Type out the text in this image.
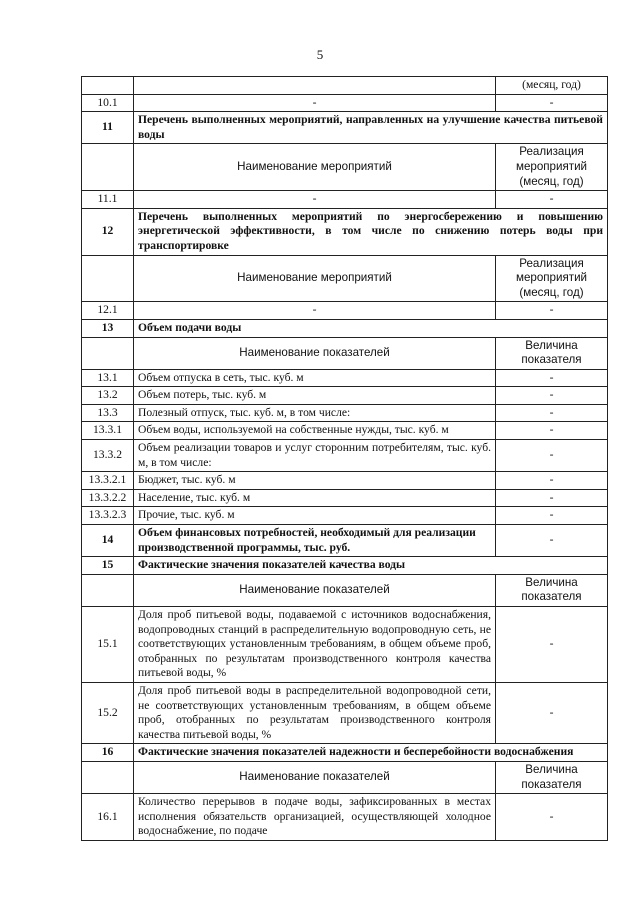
5
		(месяц, год)
10.1	-	-
11	Перечень выполненных мероприятий, направленных на улучшение качества питьевой воды	
	Наименование мероприятий	Реализация мероприятий (месяц, год)
11.1	-	-
12	Перечень выполненных мероприятий по энергосбережению и повышению энергетической эффективности, в том числе по снижению потерь воды при транспортировке	
	Наименование мероприятий	Реализация мероприятий (месяц, год)
12.1	-	-
13	Объем подачи воды	
	Наименование показателей	Величина показателя
13.1	Объем отпуска в сеть, тыс. куб. м	-
13.2	Объем потерь, тыс. куб. м	-
13.3	Полезный отпуск, тыс. куб. м, в том числе:	-
13.3.1	Объем воды, используемой на собственные нужды, тыс. куб. м	-
13.3.2	Объем реализации товаров и услуг сторонним потребителям, тыс. куб. м, в том числе:	-
13.3.2.1	Бюджет, тыс. куб. м	-
13.3.2.2	Население, тыс. куб. м	-
13.3.2.3	Прочие, тыс. куб. м	-
14	Объем финансовых потребностей, необходимый для реализации производственной программы, тыс. руб.	-
15	Фактические значения показателей качества воды	
	Наименование показателей	Величина показателя
15.1	Доля проб питьевой воды, подаваемой с источников водоснабжения, водопроводных станций в распределительную водопроводную сеть, не соответствующих установленным требованиям, в общем объеме проб, отобранных по результатам производственного контроля качества питьевой воды, %	-
15.2	Доля проб питьевой воды в распределительной водопроводной сети, не соответствующих установленным требованиям, в общем объеме проб, отобранных по результатам производственного контроля качества питьевой воды, %	-
16	Фактические значения показателей надежности и бесперебойности водоснабжения	
	Наименование показателей	Величина показателя
16.1	Количество перерывов в подаче воды, зафиксированных в местах исполнения обязательств организацией, осуществляющей холодное водоснабжение, по подаче	-
